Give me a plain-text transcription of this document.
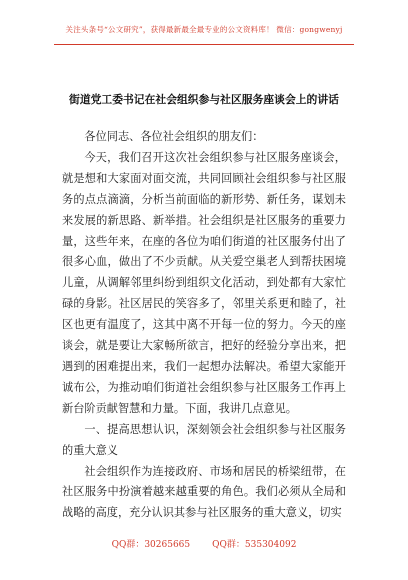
关注头条号“公文研究”，获得最新最全最专业的公文资料库！ 微信：gongwenyj
街道党工委书记在社会组织参与社区服务座谈会上的讲话

各位同志、各位社会组织的朋友们：

今天，我们召开这次社会组织参与社区服务座谈会，就是想和大家面对面交流，共同回顾社会组织参与社区服务的点点滴滴，分析当前面临的新形势、新任务，谋划未来发展的新思路、新举措。社会组织是社区服务的重要力量，这些年来，在座的各位为咱们街道的社区服务付出了很多心血，做出了不少贡献。从关爱空巢老人到帮扶困境儿童，从调解邻里纠纷到组织文化活动，到处都有大家忙碌的身影。社区居民的笑容多了，邻里关系更和睦了，社区也更有温度了，这其中离不开每一位的努力。今天的座谈会，就是要让大家畅所欲言，把好的经验分享出来，把遇到的困难提出来，我们一起想办法解决。希望大家能开诚布公，为推动咱们街道社会组织参与社区服务工作再上新台阶贡献智慧和力量。下面，我讲几点意见。

一、提高思想认识，深刻领会社会组织参与社区服务的重大意义

社会组织作为连接政府、市场和居民的桥梁纽带，在社区服务中扮演着越来越重要的角色。我们必须从全局和战略的高度，充分认识其参与社区服务的重大意义，切实

QQ群：30265665 QQ群：535304092
